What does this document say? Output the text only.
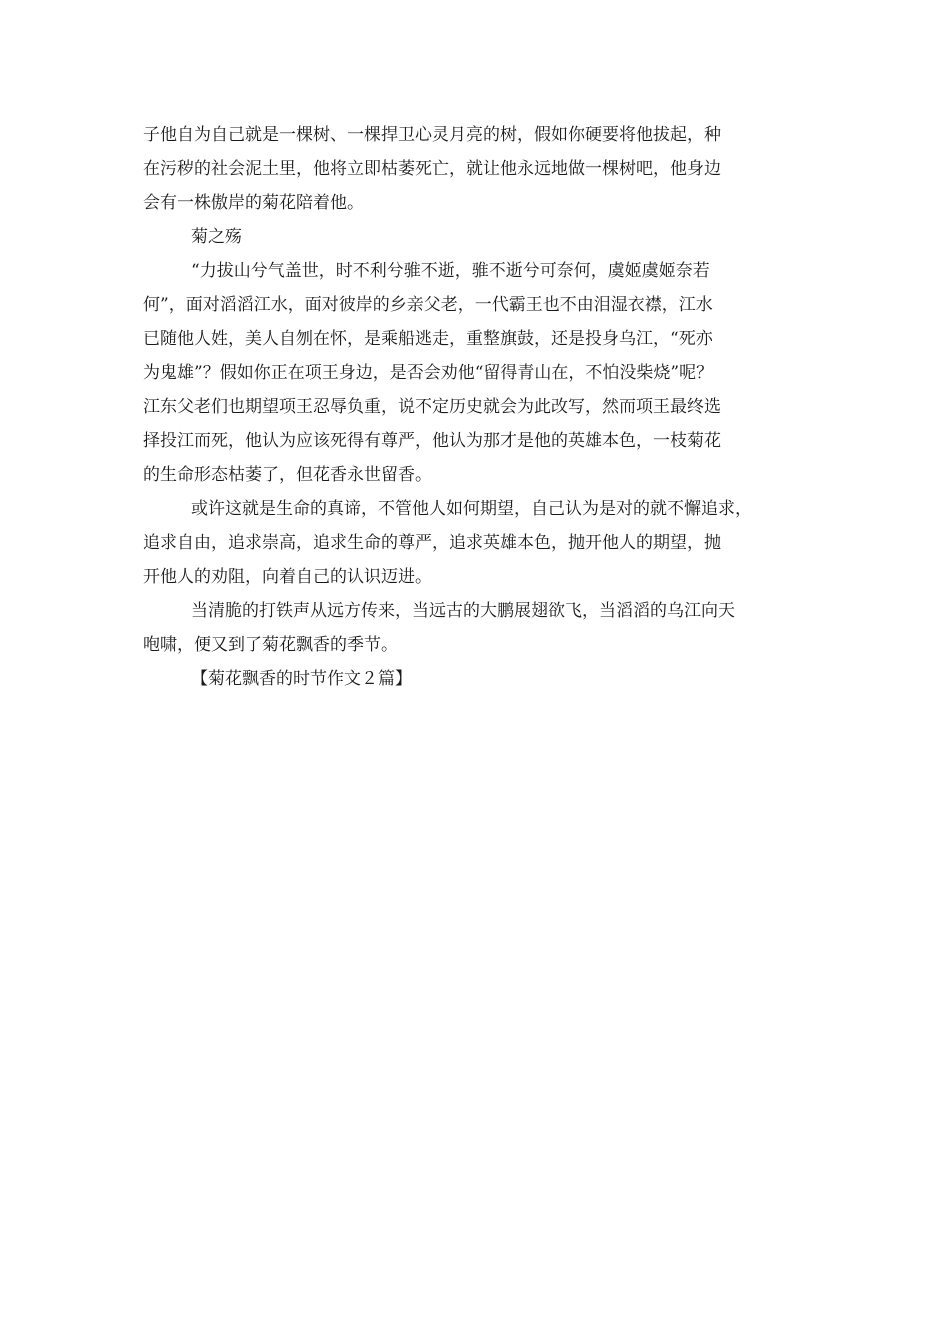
子他自为自己就是一棵树、一棵捍卫心灵月亮的树，假如你硬要将他拔起，种
在污秽的社会泥土里，他将立即枯萎死亡，就让他永远地做一棵树吧，他身边
会有一株傲岸的菊花陪着他。
菊之殇
“力拔山兮气盖世，时不利兮骓不逝，骓不逝兮可奈何，虞姬虞姬奈若
何”，面对滔滔江水，面对彼岸的乡亲父老，一代霸王也不由泪湿衣襟，江水
已随他人姓，美人自刎在怀，是乘船逃走，重整旗鼓，还是投身乌江，“死亦
为鬼雄”？假如你正在项王身边，是否会劝他“留得青山在，不怕没柴烧”呢？
江东父老们也期望项王忍辱负重，说不定历史就会为此改写，然而项王最终选
择投江而死，他认为应该死得有尊严，他认为那才是他的英雄本色，一枝菊花
的生命形态枯萎了，但花香永世留香。
或许这就是生命的真谛，不管他人如何期望，自己认为是对的就不懈追求，
追求自由，追求崇高，追求生命的尊严，追求英雄本色，抛开他人的期望，抛
开他人的劝阻，向着自己的认识迈进。
当清脆的打铁声从远方传来，当远古的大鹏展翅欲飞，当滔滔的乌江向天
咆啸，便又到了菊花飘香的季节。
【菊花飘香的时节作文２篇】
